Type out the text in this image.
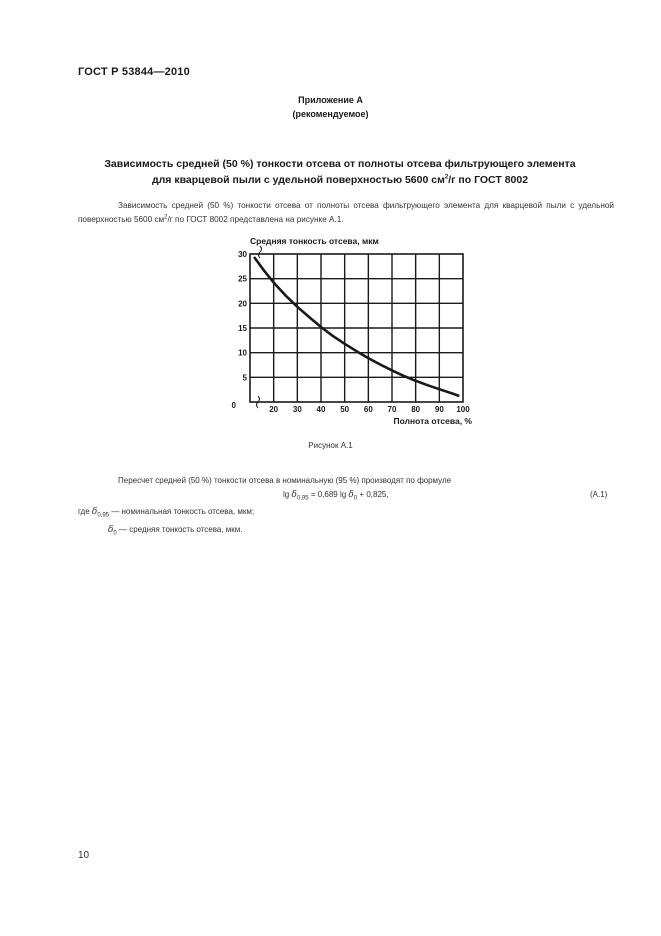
ГОСТ Р 53844—2010
Приложение А
(рекомендуемое)
Зависимость средней (50 %) тонкости отсева от полноты отсева фильтрующего элемента
для кварцевой пыли с удельной поверхностью 5600 $см^2/г$ по ГОСТ 8002
Зависимость средней (50 %) тонкости отсева от полноты отсева фильтрующего элемента для кварцевой пыли с удельной поверхностью 5600 $см^2/г$ по ГОСТ 8002 представлена на рисунке А.1.
Средняя тонкость отсева, мкм
Полнота отсева, %
20 30 40 50 60 70 80 90 100
5
10
15
20
25
30
0
Рисунок А.1
Пересчет средней (50 %) тонкости отсева в номинальную (95 %) производят по формуле
$\lg \delta_{0,95} = 0,689$ $\lg \delta_0 + 0,825$,	(А.1)
где $\delta_{0,95}$ — номинальная тонкость отсева, мкм;
$\delta_0$ — средняя тонкость отсева, мкм.
10
